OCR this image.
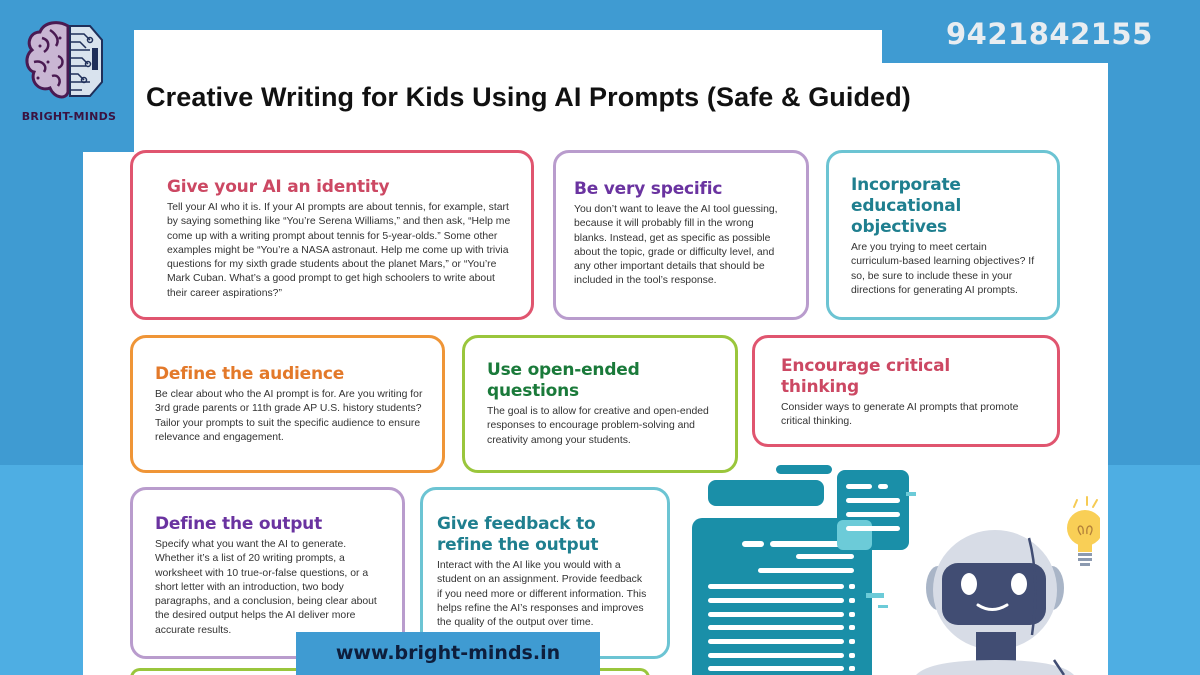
BRIGHT-MINDS
9421842155
Creative Writing for Kids Using AI Prompts (Safe & Guided)
Give your AI an identity

Tell your AI who it is. If your AI prompts are about tennis, for example, start by saying something like “You’re Serena Williams,” and then ask, “Help me come up with a writing prompt about tennis for 5-year-olds.” Some other examples might be “You’re a NASA astronaut. Help me come up with trivia questions for my sixth grade students about the planet Mars,” or “You’re Mark Cuban. What’s a good prompt to get high schoolers to write about their career aspirations?”

Be very specific

You don’t want to leave the AI tool guessing, because it will probably fill in the wrong blanks. Instead, get as specific as possible about the topic, grade or difficulty level, and any other important details that should be included in the tool’s response.

Incorporate educational objectives

Are you trying to meet certain curriculum-based learning objectives? If so, be sure to include these in your directions for generating AI prompts.

Define the audience

Be clear about who the AI prompt is for. Are you writing for 3rd grade parents or 11th grade AP U.S. history students? Tailor your prompts to suit the specific audience to ensure relevance and engagement.

Use open-ended questions

The goal is to allow for creative and open-ended responses to encourage problem-solving and creativity among your students.

Encourage critical thinking

Consider ways to generate AI prompts that promote critical thinking.

Define the output

Specify what you want the AI to generate. Whether it’s a list of 20 writing prompts, a worksheet with 10 true-or-false questions, or a short letter with an introduction, two body paragraphs, and a conclusion, being clear about the desired output helps the AI deliver more accurate results.

Give feedback to refine the output

Interact with the AI like you would with a student on an assignment. Provide feedback if you need more or different information. This helps refine the AI’s responses and improves the quality of the output over time.

www.bright-minds.in
